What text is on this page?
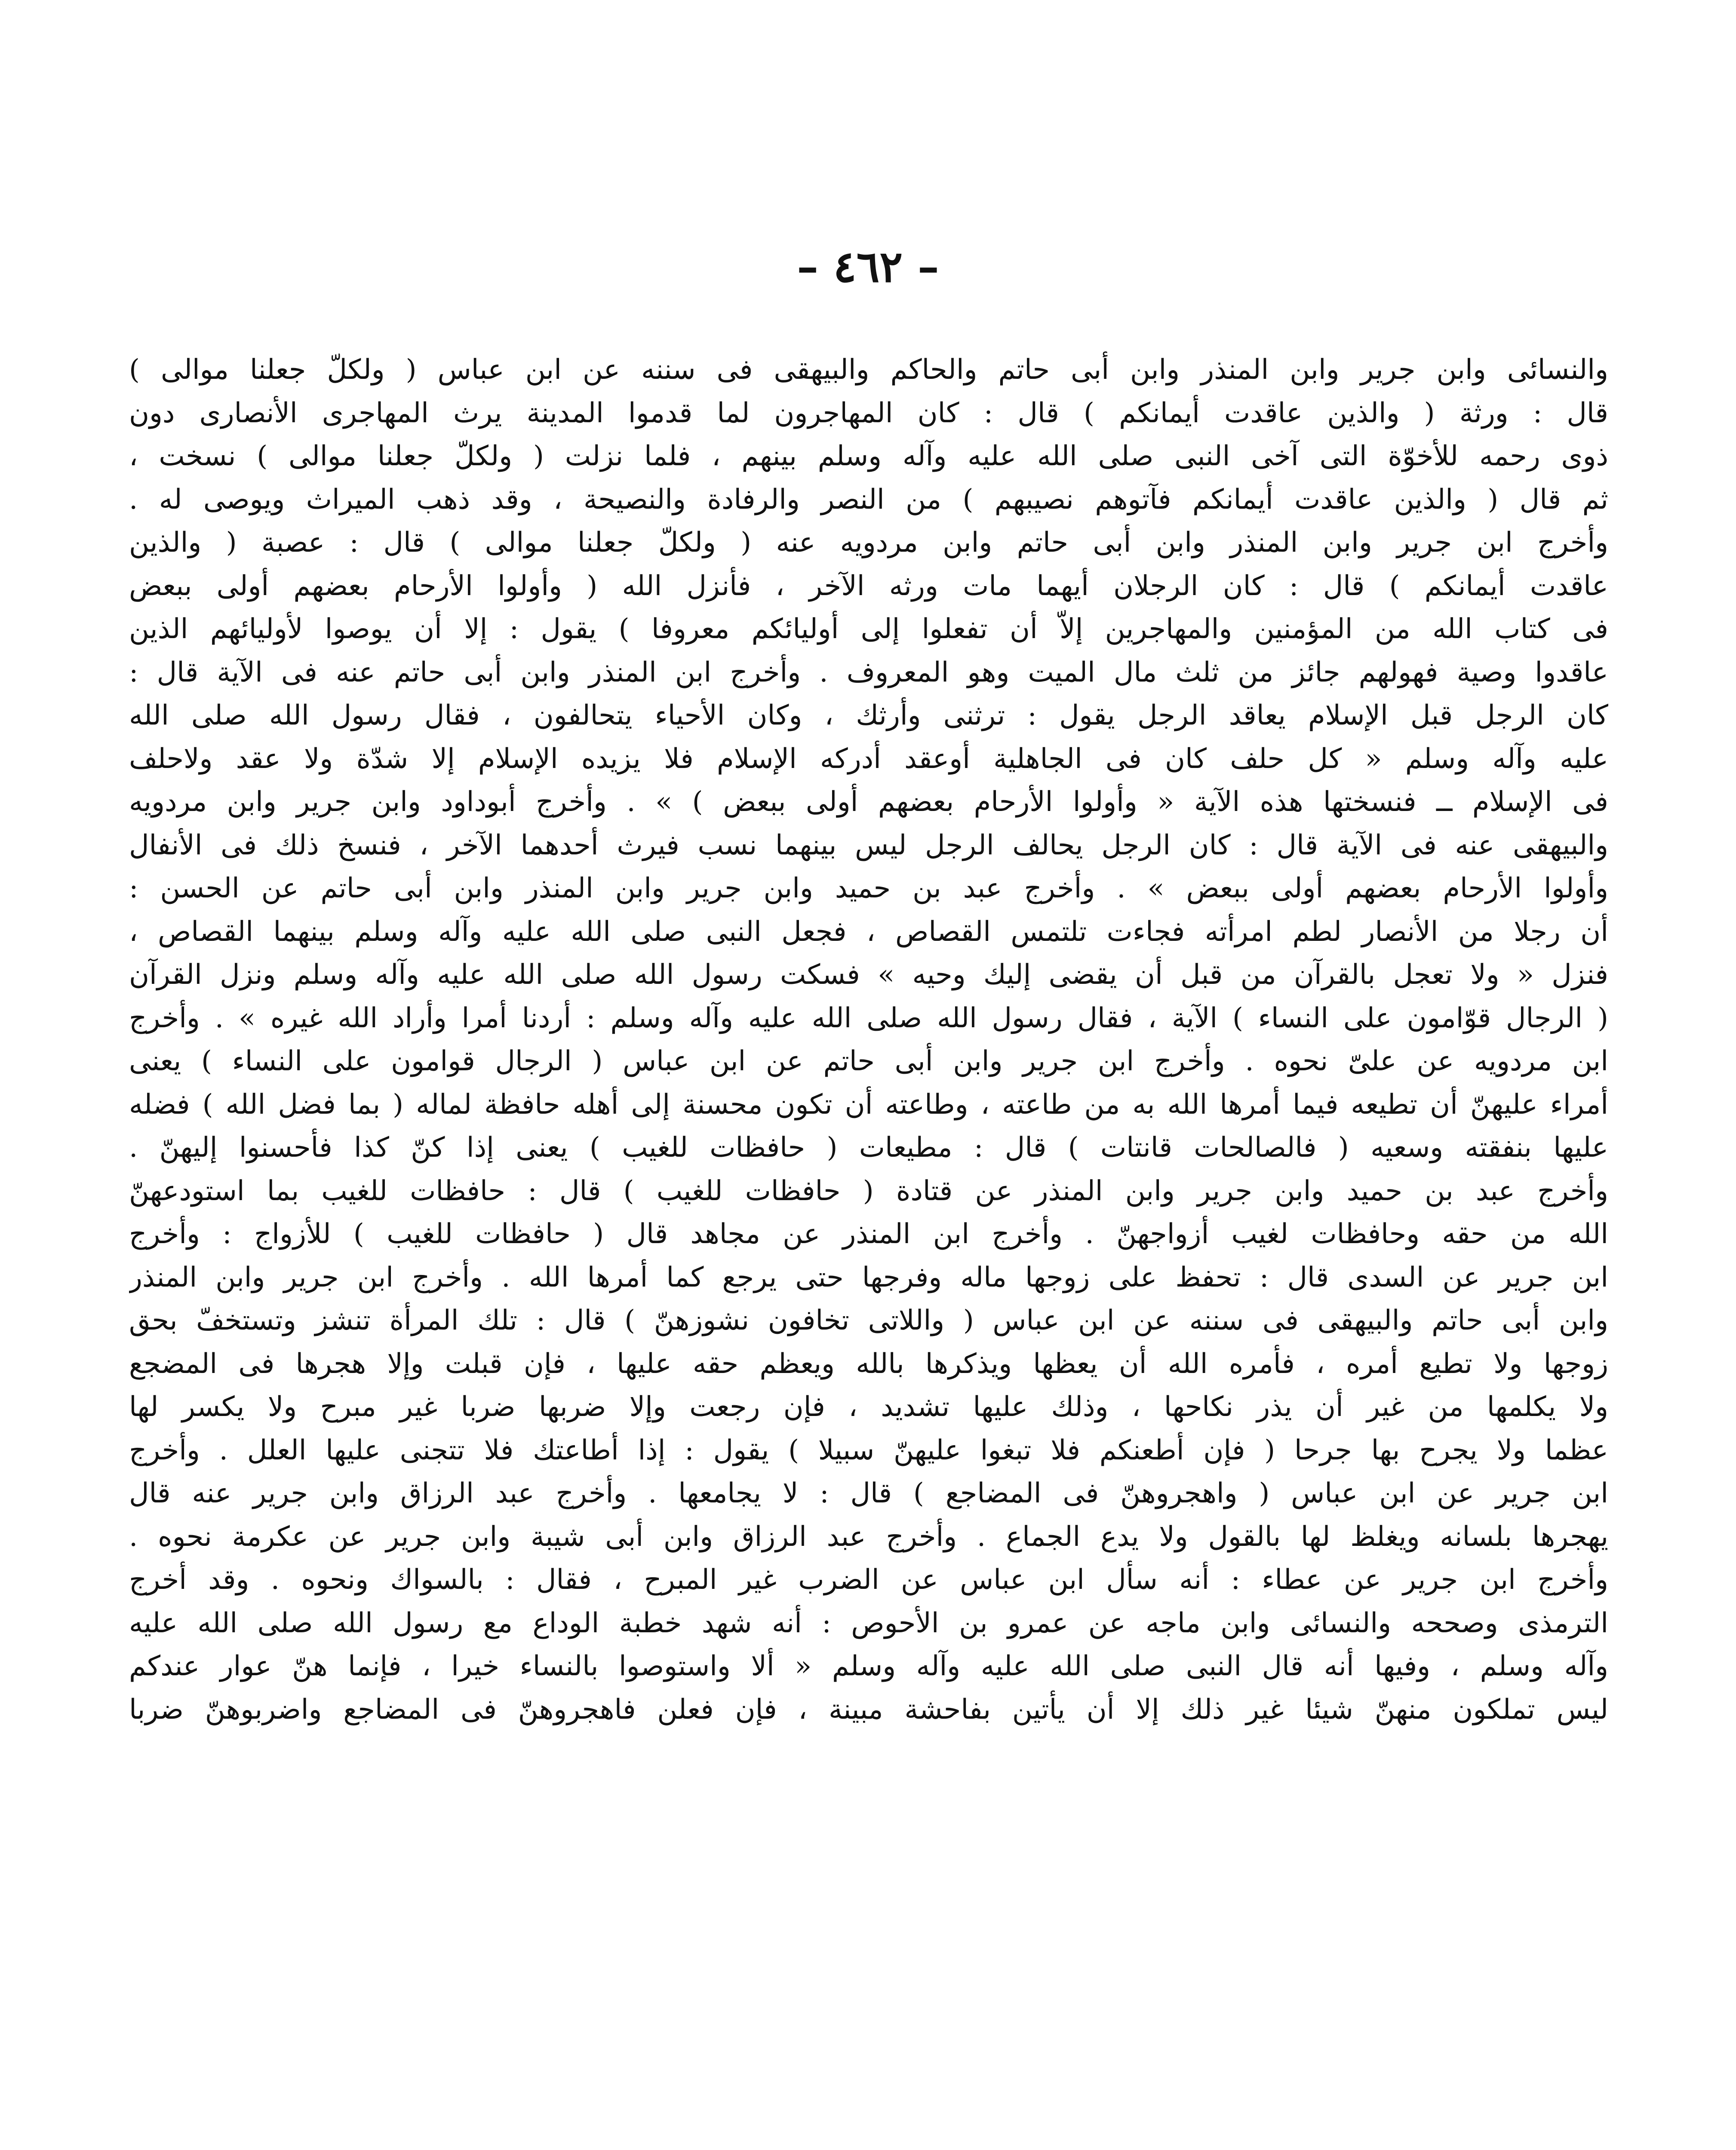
– ٤٦٢ –
والنسائى وابن جرير وابن المنذر وابن أبى حاتم والحاكم والبيهقى فى سننه عن ابن عباس ( ولكلّ جعلنا موالى )
قال : ورثة ( والذين عاقدت أيمانكم ) قال : كان المهاجرون لما قدموا المدينة يرث المهاجرى الأنصارى دون
ذوى رحمه للأخوّة التى آخى النبى صلى الله عليه وآله وسلم بينهم ، فلما نزلت ( ولكلّ جعلنا موالى ) نسخت ،
ثم قال ( والذين عاقدت أيمانكم فآتوهم نصيبهم ) من النصر والرفادة والنصيحة ، وقد ذهب الميراث ويوصى له .
وأخرج ابن جرير وابن المنذر وابن أبى حاتم وابن مردويه عنه ( ولكلّ جعلنا موالى ) قال : عصبة ( والذين
عاقدت أيمانكم ) قال : كان الرجلان أيهما مات ورثه الآخر ، فأنزل الله ( وأولوا الأرحام بعضهم أولى ببعض
فى كتاب الله من المؤمنين والمهاجرين إلاّ أن تفعلوا إلى أوليائكم معروفا ) يقول : إلا أن يوصوا لأوليائهم الذين
عاقدوا وصية فهولهم جائز من ثلث مال الميت وهو المعروف . وأخرج ابن المنذر وابن أبى حاتم عنه فى الآية قال :
كان الرجل قبل الإسلام يعاقد الرجل يقول : ترثنى وأرثك ، وكان الأحياء يتحالفون ، فقال رسول الله صلى الله
عليه وآله وسلم « كل حلف كان فى الجاهلية أوعقد أدركه الإسلام فلا يزيده الإسلام إلا شدّة ولا عقد ولاحلف
فى الإسلام ــ فنسختها هذه الآية « وأولوا الأرحام بعضهم أولى ببعض ) » . وأخرج أبوداود وابن جرير وابن مردويه
والبيهقى عنه فى الآية قال : كان الرجل يحالف الرجل ليس بينهما نسب فيرث أحدهما الآخر ، فنسخ ذلك فى الأنفال
وأولوا الأرحام بعضهم أولى ببعض » . وأخرج عبد بن حميد وابن جرير وابن المنذر وابن أبى حاتم عن الحسن :
أن رجلا من الأنصار لطم امرأته فجاءت تلتمس القصاص ، فجعل النبى صلى الله عليه وآله وسلم بينهما القصاص ،
فنزل « ولا تعجل بالقرآن من قبل أن يقضى إليك وحيه » فسكت رسول الله صلى الله عليه وآله وسلم ونزل القرآن
( الرجال قوّامون على النساء ) الآية ، فقال رسول الله صلى الله عليه وآله وسلم : أردنا أمرا وأراد الله غيره » . وأخرج
ابن مردويه عن علىّ نحوه . وأخرج ابن جرير وابن أبى حاتم عن ابن عباس ( الرجال قوامون على النساء ) يعنى
أمراء عليهنّ أن تطيعه فيما أمرها الله به من طاعته ، وطاعته أن تكون محسنة إلى أهله حافظة لماله ( بما فضل الله ) فضله
عليها بنفقته وسعيه ( فالصالحات قانتات ) قال : مطيعات ( حافظات للغيب ) يعنى إذا كنّ كذا فأحسنوا إليهنّ .
وأخرج عبد بن حميد وابن جرير وابن المنذر عن قتادة ( حافظات للغيب ) قال : حافظات للغيب بما استودعهنّ
الله من حقه وحافظات لغيب أزواجهنّ . وأخرج ابن المنذر عن مجاهد قال ( حافظات للغيب ) للأزواج : وأخرج
ابن جرير عن السدى قال : تحفظ على زوجها ماله وفرجها حتى يرجع كما أمرها الله . وأخرج ابن جرير وابن المنذر
وابن أبى حاتم والبيهقى فى سننه عن ابن عباس ( واللاتى تخافون نشوزهنّ ) قال : تلك المرأة تنشز وتستخفّ بحق
زوجها ولا تطيع أمره ، فأمره الله أن يعظها ويذكرها بالله ويعظم حقه عليها ، فإن قبلت وإلا هجرها فى المضجع
ولا يكلمها من غير أن يذر نكاحها ، وذلك عليها تشديد ، فإن رجعت وإلا ضربها ضربا غير مبرح ولا يكسر لها
عظما ولا يجرح بها جرحا ( فإن أطعنكم فلا تبغوا عليهنّ سبيلا ) يقول : إذا أطاعتك فلا تتجنى عليها العلل . وأخرج
ابن جرير عن ابن عباس ( واهجروهنّ فى المضاجع ) قال : لا يجامعها . وأخرج عبد الرزاق وابن جرير عنه قال
يهجرها بلسانه ويغلظ لها بالقول ولا يدع الجماع . وأخرج عبد الرزاق وابن أبى شيبة وابن جرير عن عكرمة نحوه .
وأخرج ابن جرير عن عطاء : أنه سأل ابن عباس عن الضرب غير المبرح ، فقال : بالسواك ونحوه . وقد أخرج
الترمذى وصححه والنسائى وابن ماجه عن عمرو بن الأحوص : أنه شهد خطبة الوداع مع رسول الله صلى الله عليه
وآله وسلم ، وفيها أنه قال النبى صلى الله عليه وآله وسلم « ألا واستوصوا بالنساء خيرا ، فإنما هنّ عوار عندكم
ليس تملكون منهنّ شيئا غير ذلك إلا أن يأتين بفاحشة مبينة ، فإن فعلن فاهجروهنّ فى المضاجع واضربوهنّ ضربا
